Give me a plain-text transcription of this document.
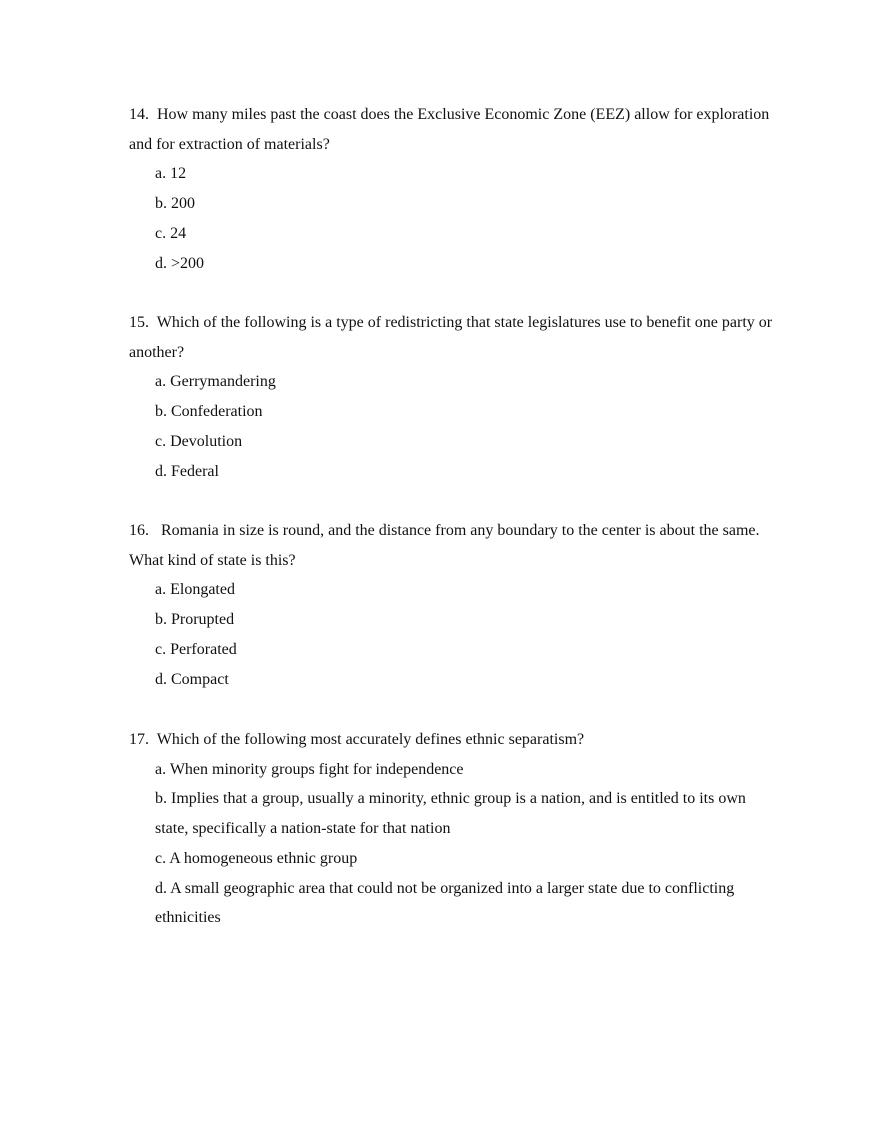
14. How many miles past the coast does the Exclusive Economic Zone (EEZ) allow for exploration and for extraction of materials?

a. 12
b. 200
c. 24
d. >200

15. Which of the following is a type of redistricting that state legislatures use to benefit one party or another?

a. Gerrymandering
b. Confederation
c. Devolution
d. Federal

16. Romania in size is round, and the distance from any boundary to the center is about the same. What kind of state is this?

a. Elongated
b. Prorupted
c. Perforated
d. Compact

17. Which of the following most accurately defines ethnic separatism?

a. When minority groups fight for independence
b. Implies that a group, usually a minority, ethnic group is a nation, and is entitled to its own state, specifically a nation-state for that nation
c. A homogeneous ethnic group
d. A small geographic area that could not be organized into a larger state due to conflicting ethnicities
